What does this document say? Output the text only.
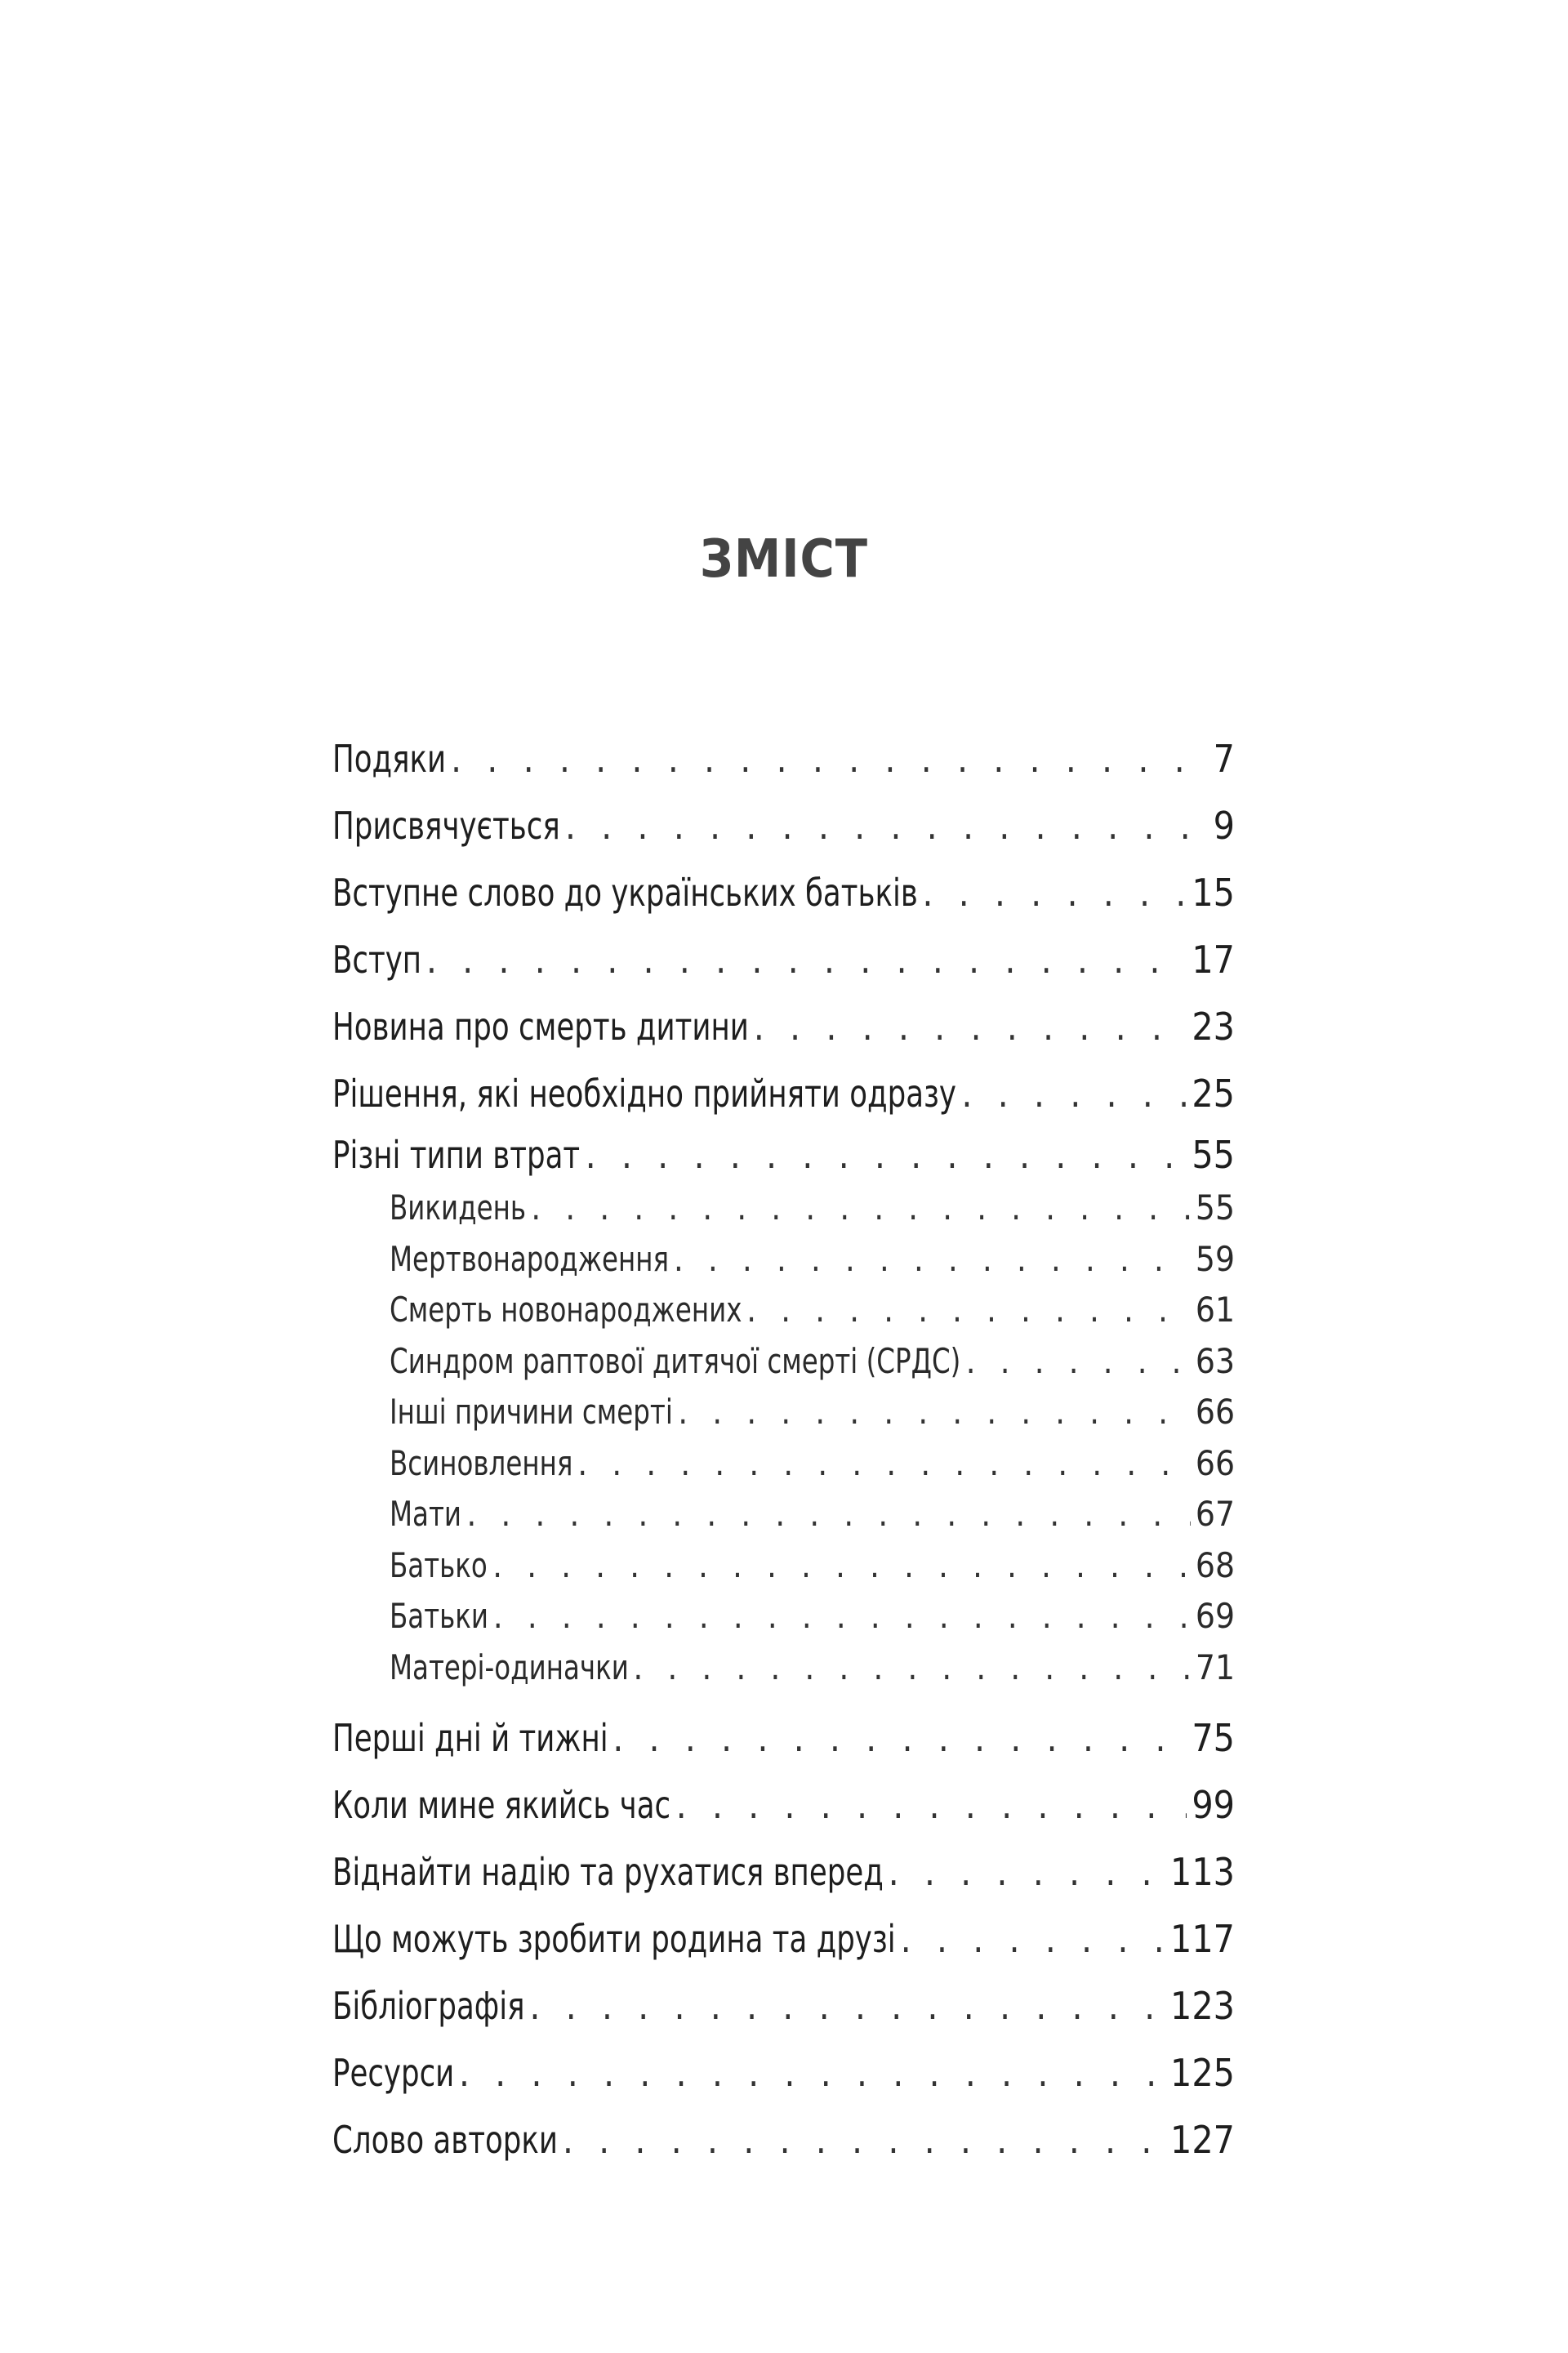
ЗМІСТ
Подяки . . .	7
Присвячується . . .	9
Вступне слово до українських батьків . . .	15
Вступ . . .	17
Новина про смерть дитини . . .	23
Рішення, які необхідно прийняти одразу . . .	25
Різні типи втрат . . .	55
Викидень . . .	55
Мертвонародження . . .	59
Смерть новонароджених . . .	61
Синдром раптової дитячої смерті (СРДС) . . .	63
Інші причини смерті . . .	66
Всиновлення . . .	66
Мати . . .	67
Батько . . .	68
Батьки . . .	69
Матері-одиначки . . .	71
Перші дні й тижні . . .	75
Коли мине якийсь час . . .	99
Віднайти надію та рухатися вперед . . .	113
Що можуть зробити родина та друзі . . .	117
Бібліографія . . .	123
Ресурси . . .	125
Слово авторки . . .	127
